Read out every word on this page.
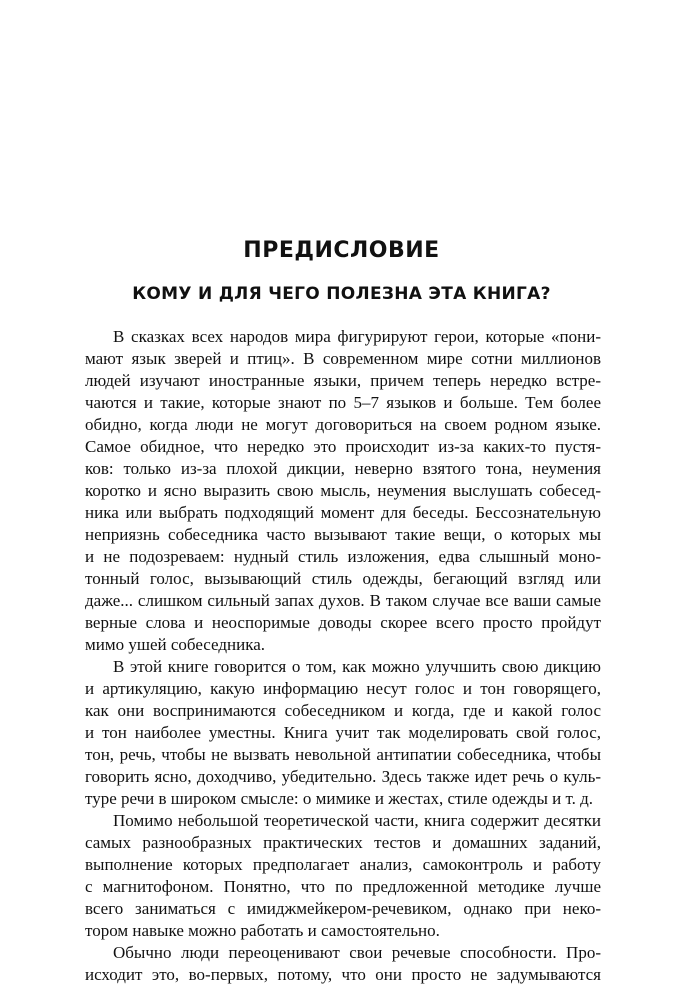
ПРЕДИСЛОВИЕ
КОМУ И ДЛЯ ЧЕГО ПОЛЕЗНА ЭТА КНИГА?
В сказках всех народов мира фигурируют герои, которые «пони-
мают язык зверей и птиц». В современном мире сотни миллионов
людей изучают иностранные языки, причем теперь нередко встре-
чаются и такие, которые знают по 5–7 языков и больше. Тем более
обидно, когда люди не могут договориться на своем родном языке.
Самое обидное, что нередко это происходит из-за каких-то пустя-
ков: только из-за плохой дикции, неверно взятого тона, неумения
коротко и ясно выразить свою мысль, неумения выслушать собесед-
ника или выбрать подходящий момент для беседы. Бессознательную
неприязнь собеседника часто вызывают такие вещи, о которых мы
и не подозреваем: нудный стиль изложения, едва слышный моно-
тонный голос, вызывающий стиль одежды, бегающий взгляд или
даже... слишком сильный запах духов. В таком случае все ваши самые
верные слова и неоспоримые доводы скорее всего просто пройдут
мимо ушей собеседника.
В этой книге говорится о том, как можно улучшить свою дикцию
и артикуляцию, какую информацию несут голос и тон говорящего,
как они воспринимаются собеседником и когда, где и какой голос
и тон наиболее уместны. Книга учит так моделировать свой голос,
тон, речь, чтобы не вызвать невольной антипатии собеседника, чтобы
говорить ясно, доходчиво, убедительно. Здесь также идет речь о куль-
туре речи в широком смысле: о мимике и жестах, стиле одежды и т. д.
Помимо небольшой теоретической части, книга содержит десятки
самых разнообразных практических тестов и домашних заданий,
выполнение которых предполагает анализ, самоконтроль и работу
с магнитофоном. Понятно, что по предложенной методике лучше
всего заниматься с имиджмейкером-речевиком, однако при неко-
тором навыке можно работать и самостоятельно.
Обычно люди переоценивают свои речевые способности. Про-
исходит это, во-первых, потому, что они просто не задумываются
